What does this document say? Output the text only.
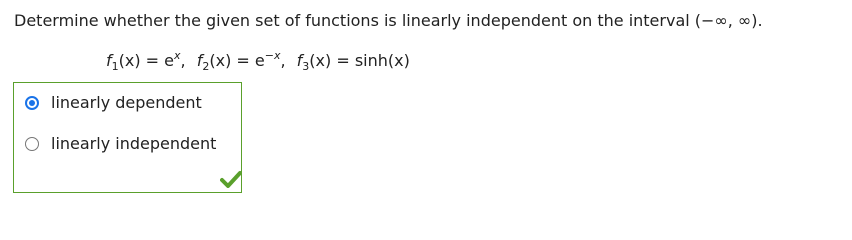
Determine whether the given set of functions is linearly independent on the interval (−∞, ∞).
$f_1(x) = e^x$, $f_2(x) = e^{-x}$, $f_3(x) = \sinh(x)$
linearly dependent
linearly independent
